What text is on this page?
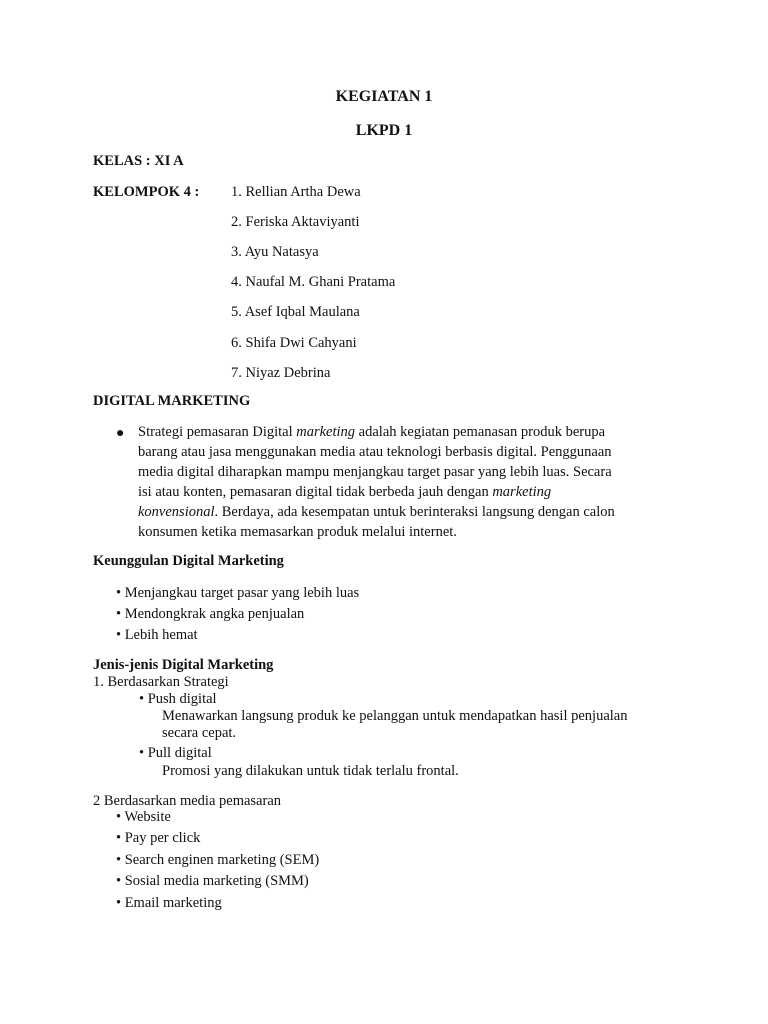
KEGIATAN 1
LKPD 1
KELAS : XI A
KELOMPOK 4 : 1. Rellian Artha Dewa
2. Feriska Aktaviyanti
3. Ayu Natasya
4. Naufal M. Ghani Pratama
5. Asef Iqbal Maulana
6. Shifa Dwi Cahyani
7. Niyaz Debrina
DIGITAL MARKETING
● Strategi pemasaran Digital marketing adalah kegiatan pemanasan produk berupa
barang atau jasa menggunakan media atau teknologi berbasis digital. Penggunaan
media digital diharapkan mampu menjangkau target pasar yang lebih luas. Secara
isi atau konten, pemasaran digital tidak berbeda jauh dengan marketing
konvensional. Berdaya, ada kesempatan untuk berinteraksi langsung dengan calon
konsumen ketika memasarkan produk melalui internet.
Keunggulan Digital Marketing
• Menjangkau target pasar yang lebih luas
• Mendongkrak angka penjualan
• Lebih hemat
Jenis-jenis Digital Marketing
1. Berdasarkan Strategi
• Push digital
Menawarkan langsung produk ke pelanggan untuk mendapatkan hasil penjualan
secara cepat.
• Pull digital
Promosi yang dilakukan untuk tidak terlalu frontal.
2 Berdasarkan media pemasaran
• Website
• Pay per click
• Search enginen marketing (SEM)
• Sosial media marketing (SMM)
• Email marketing
